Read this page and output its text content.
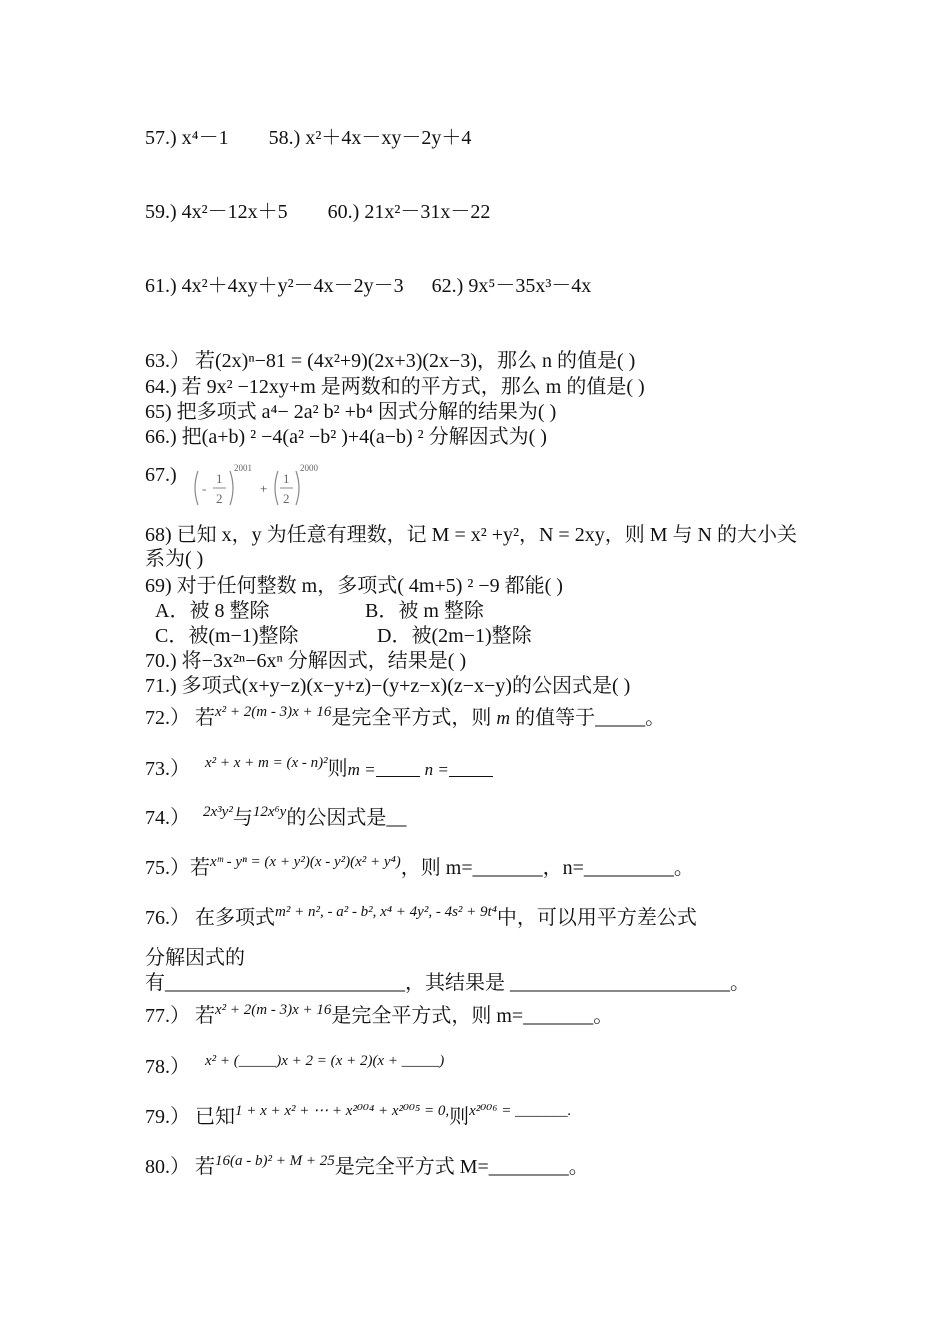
57.) x⁴－1 58.) x²＋4x－xy－2y＋4
59.) 4x²－12x＋5 60.) 21x²－31x－22
61.) 4x²＋4xy＋y²－4x－2y－3 62.) 9x⁵－35x³－4x
63.） 若(2x)ⁿ−81 = (4x²+9)(2x+3)(2x−3)，那么 n 的值是( )
64.) 若 9x² −12xy+m 是两数和的平方式，那么 m 的值是( )
65) 把多项式 a⁴− 2a² b² +b⁴ 因式分解的结果为( )
66.) 把(a+b) ² −4(a² −b² )+4(a−b) ² 分解因式为( )
67.)
-
1
2
2001
+
1
2
2000
68) 已知 x，y 为任意有理数，记 M = x² +y²，N = 2xy，则 M 与 N 的大小关系为( )
69) 对于任何整数 m，多项式( 4m+5) ² −9 都能( )
A．被 8 整除	B．被 m 整除
C．被(m−1)整除	D．被(2m−1)整除
70.) 将−3x²ⁿ−6xⁿ 分解因式，结果是( )
71.) 多项式(x+y−z)(x−y+z)−(y+z−x)(z−x−y)的公因式是( )
72.） 若$^{x^2 + 2(m - 3)x + 16}$是完全平方式，则 m 的值等于_____。
73.） $^{x^2 + x + m = (x - n)^2}$则m =	n =
74.） $^{2x^3y^2}$与$^{12x^6y}$的公因式是__
75.）若$^{xᵐ - y^n = (x + y^2)(x - y^2)(x^2 + y^4)}$，则 m=_______，n=_________。
76.） 在多项式$^{m^2 + n^2, - a^2 - b^2, x^4 + 4y^2, - 4s^2 + 9t^4}$中，可以用平方差公式
分解因式的
有________________________，其结果是 ______________________。
77.） 若$^{x^2 + 2(m - 3)x + 16}$是完全平方式，则 m=_______。
78.） $^{x^2 + (\_\_\_\_\_)x + 2 = (x + 2)(x + \_\_\_\_\_)}$
79.） 已知$^{1 + x + x^2 + \cdots + x^{2004} + x^{2005} = 0,}$则$^{x^{2006} = \_\_\_\_\_\_\_.}$
80.） 若$^{16(a - b)^2 + M + 25}$是完全平方式 M=________。
